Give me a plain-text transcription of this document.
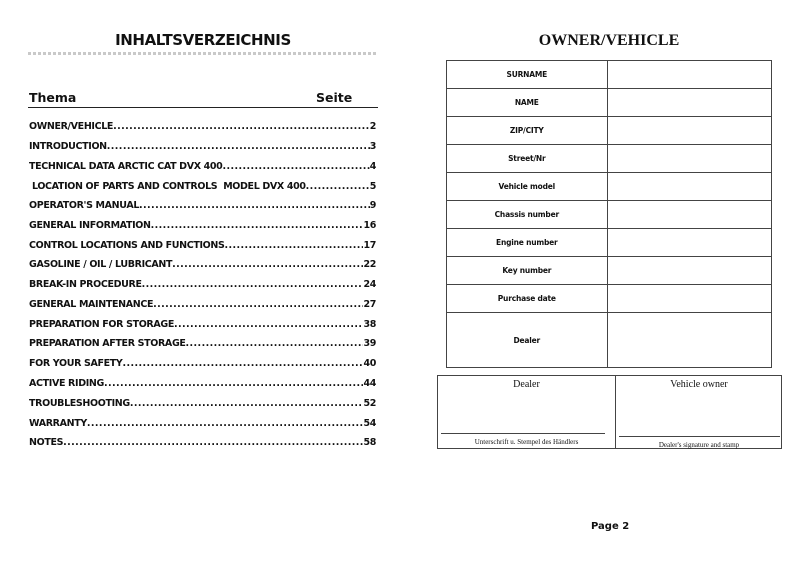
INHALTSVERZEICHNIS
Thema	Seite
OWNER/VEHICLE .....	2
INTRODUCTION .....	3
TECHNICAL DATA ARCTIC CAT DVX 400 .....	4
LOCATION OF PARTS AND CONTROLS  MODEL DVX 400 .....	5
OPERATOR'S MANUAL .....	9
GENERAL INFORMATION .....	16
CONTROL LOCATIONS AND FUNCTIONS .....	17
GASOLINE / OIL / LUBRICANT .....	22
BREAK-IN PROCEDURE .....	24
GENERAL MAINTENANCE .....	27
PREPARATION FOR STORAGE .....	38
PREPARATION AFTER STORAGE .....	39
FOR YOUR SAFETY .....	40
ACTIVE RIDING .....	44
TROUBLESHOOTING .....	52
WARRANTY .....	54
NOTES .....	58
OWNER/VEHICLE
SURNAME	
NAME	
ZIP/CITY	
Street/Nr	
Vehicle model	
Chassis number	
Engine number	
Key number	
Purchase date	
Dealer	
Dealer	Vehicle owner
Unterschrift u. Stempel des Händlers	Dealer's signature and stamp
Page 2
